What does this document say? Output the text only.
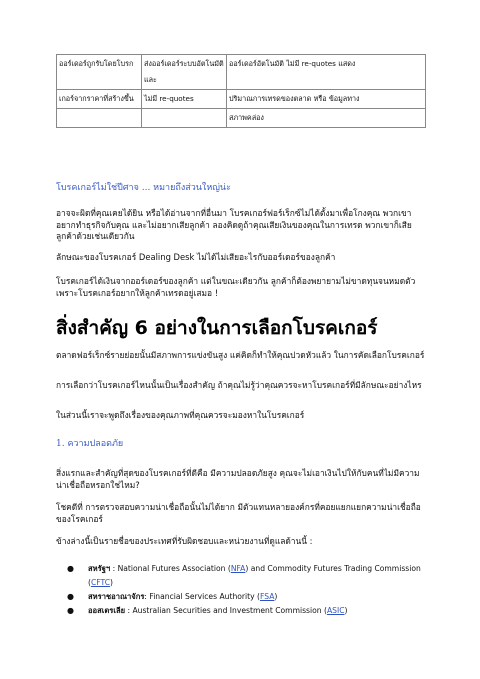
ออร์เดอร์ถูกรับโดยโบรก	ส่งออร์เดอร์ระบบอัตโนมัติ และ	ออร์เดอร์อัตโนมัติ ไม่มี re-quotes แสดง
เกอร์จากราคาที่สร้างขึ้น	ไม่มี re-quotes	ปริมาณการเทรดของตลาด หรือ ข้อมูลทาง
		สภาพคล่อง
โบรคเกอร์ไม่ใช่ปีศาจ ... หมายถึงส่วนใหญ่น่ะ

อาจจะผิดที่คุณเคยได้ยิน หรือได้อ่านจากที่อื่นมา โบรคเกอร์ฟอร์เร็กซ์ไม่ได้ตั้งมาเพื่อโกงคุณ พวกเขาอยากทำธุรกิจกับคุณ และไม่อยากเสียลูกค้า ลองคิดดูถ้าคุณเสียเงินของคุณในการเทรด พวกเขาก็เสียลูกค้าด้วยเช่นเดียวกัน

ลักษณะของโบรคเกอร์ Dealing Desk ไม่ได้ไม่เสียอะไรกับออร์เดอร์ของลูกค้า

โบรคเกอร์ได้เงินจากออร์เดอร์ของลูกค้า แต่ในขณะเดียวกัน ลูกค้าก็ต้องพยายามไม่ขาดทุนจนหมดตัว เพราะโบรคเกอร์อยากให้ลูกค้าเทรดอยู่เสมอ !

สิ่งสำคัญ 6 อย่างในการเลือกโบรคเกอร์

ตลาดฟอร์เร็กซ์รายย่อยนั้นมีสภาพการแข่งขันสูง แค่คิดก็ทำให้คุณปวดหัวแล้ว ในการคัดเลือกโบรคเกอร์

การเลือกว่าโบรคเกอร์ไหนนั้นเป็นเรื่องสำคัญ ถ้าคุณไม่รู้ว่าคุณควรจะหาโบรคเกอร์ที่มีลักษณะอย่างไหร

ในส่วนนี้เราจะพูดถึงเรื่องของคุณภาพที่คุณควรจะมองหาในโบรคเกอร์

1. ความปลอดภัย

สิ่งแรกและสำคัญที่สุดของโบรคเกอร์ที่ดีคือ มีความปลอดภัยสูง คุณจะไม่เอาเงินไปให้กับคนที่ไม่มีความน่าเชื่อถือหรอกใช่ไหม?

โชคดีที่ การตรวจสอบความน่าเชื่อถือนั้นไม่ได้ยาก มีตัวแทนหลายองค์กรที่คอยแยกแยกความน่าเชื่อถือของโรคเกอร์

ข้างล่างนี้เป็นรายชื่อของประเทศที่รับผิดชอบและหน่วยงานที่ดูแลด้านนี้ :

● สหรัฐฯ : National Futures Association (NFA) and Commodity Futures Trading Commission
(CFTC)
● สหราชอาณาจักร: Financial Services Authority (FSA)
● ออสเตรเลีย : Australian Securities and Investment Commission (ASIC)
